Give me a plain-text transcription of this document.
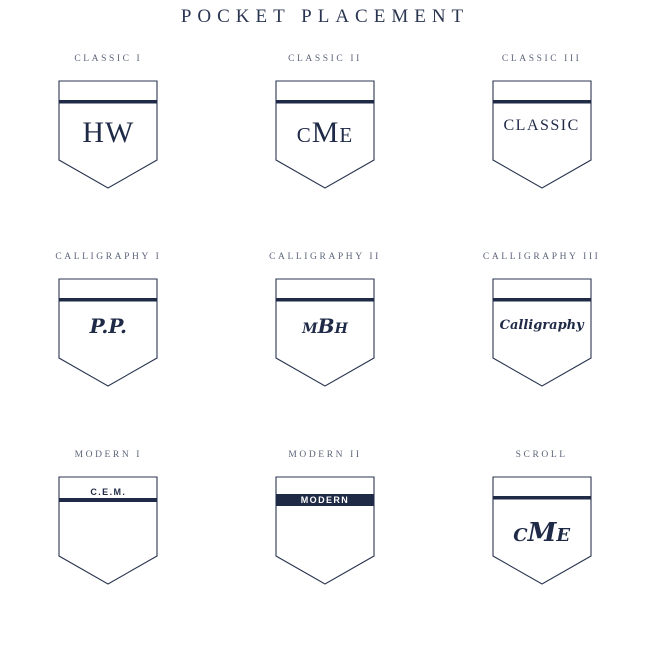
POCKET PLACEMENT
CLASSIC I
HW
CLASSIC II
CME
CLASSIC III
CLASSIC
CALLIGRAPHY I
P.P.
CALLIGRAPHY II
MBH
CALLIGRAPHY III
Calligraphy
MODERN I
C.E.M.
MODERN II
MODERN
SCROLL
CME
